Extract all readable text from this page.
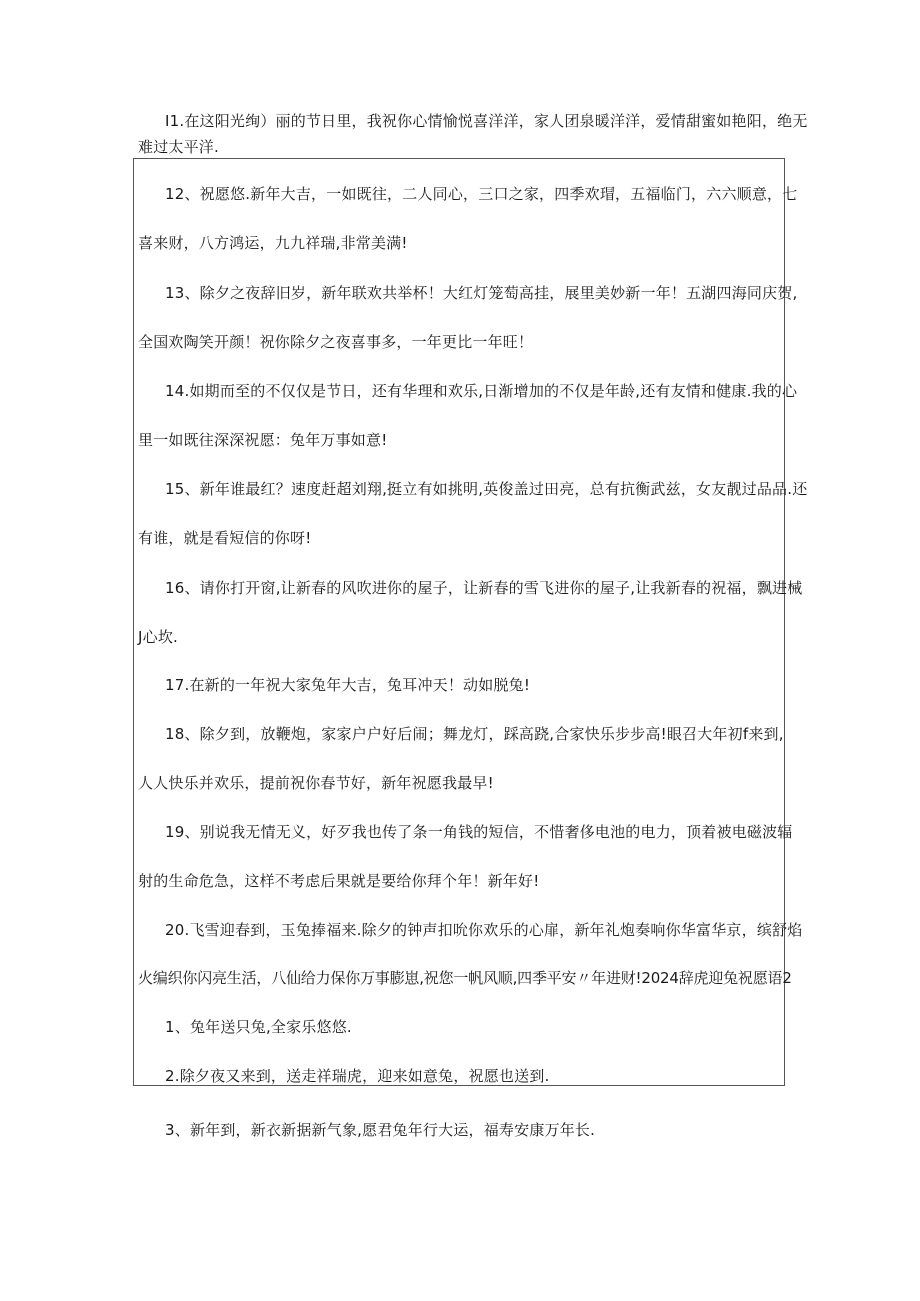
I1.在这阳光绚）丽的节日里，我祝你心情愉悦喜洋洋，家人团泉暖洋洋，爱情甜蜜如艳阳，绝无
难过太平洋.
12、祝愿悠.新年大吉，一如既往，二人同心，三口之家，四季欢瑁，五福临门，六六顺意，七
喜来财，八方鸿运，九九祥瑞,非常美满!
13、除夕之夜辞旧岁，新年联欢共举杯！大红灯笼萄高挂，展里美妙新一年！五湖四海同庆贺,
全国欢陶笑开颜！祝你除夕之夜喜事多，一年更比一年旺！
14.如期而至的不仅仅是节日，还有华理和欢乐,日渐增加的不仅是年龄,还有友情和健康.我的心
里一如既往深深祝愿：兔年万事如意!
15、新年谁最红？速度赶超刘翔,挺立有如挑明,英俊盖过田亮，总有抗衡武兹，女友靓过品品.还
有谁，就是看短信的你呀!
16、请你打开窗,让新春的风吹进你的屋子，让新春的雪飞进你的屋子,让我新春的祝福，飘进械
J心坎.
17.在新的一年祝大家兔年大吉，兔耳冲天！动如脱兔!
18、除夕到，放鞭炮，家家户户好后闹；舞龙灯，踩高跷,合家快乐步步高!眼召大年初f来到,
人人快乐并欢乐，提前祝你春节好，新年祝愿我最早!
19、别说我无情无义，好歹我也传了条一角钱的短信，不惜奢侈电池的电力，顶着被电磁波辐
射的生命危急，这样不考虑后果就是要给你拜个年！新年好!
20.飞雪迎春到，玉兔捧福来.除夕的钟声扣吮你欢乐的心扉，新年礼炮奏响你华富华京，缤舒焰
火编织你闪亮生活，八仙给力保你万事膨崽,祝您一帆风顺,四季平安〃年进财!2024辞虎迎兔祝愿语2
1、兔年送只兔,全家乐悠悠.
2.除夕夜又来到，送走祥瑞虎，迎来如意兔，祝愿也送到.
3、新年到，新衣新据新气象,愿君兔年行大运，福寿安康万年长.
